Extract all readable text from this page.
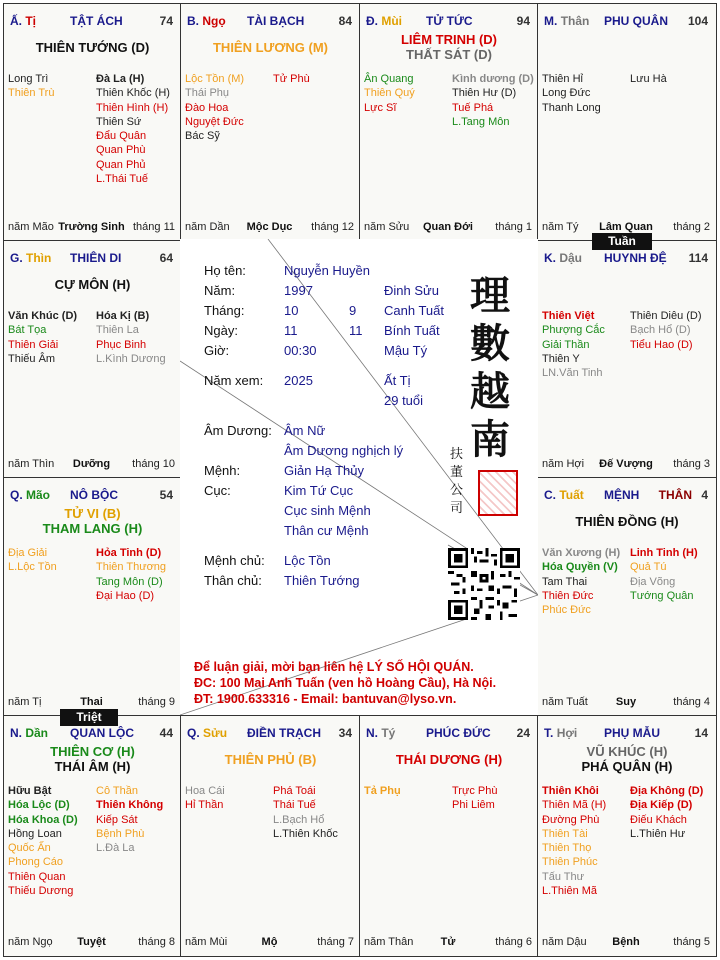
Ấ. Tị	TẬT ÁCH	74
THIÊN TƯỚNG (D)
Long Trì
Thiên Trù
Đà La (H)
Thiên Khốc (H)
Thiên Hình (H)
Thiên Sứ
Đẩu Quân
Quan Phù
Quan Phủ
L.Thái Tuế
năm Mão Trường Sinh tháng 11
B. Ngọ TÀI BẠCH	84
THIÊN LƯƠNG (M)
Lộc Tồn (M)
Thái Phụ
Đào Hoa
Nguyệt Đức
Bác Sỹ
Tử Phù
năm Dần	Mộc Dục	tháng 12
Đ. Mùi TỬ TỨC	94
LIÊM TRINH (D)
THẤT SÁT (D)
Ân Quang
Thiên Quý
Lực Sĩ
Kình dương (D)
Thiên Hư (D)
Tuế Phá
L.Tang Môn
năm Sửu	Quan Đới	tháng 1
M. Thân PHU QUÂN 104
Thiên Hỉ
Long Đức
Thanh Long
Lưu Hà
năm Tý	Lâm Quan	tháng 2
G. Thìn THIÊN DI	64
CỰ MÔN (H)
Văn Khúc (D)
Bát Tọa
Thiên Giải
Thiếu Âm
Hóa Kị (B)
Thiên La
Phục Binh
L.Kình Dương
năm Thìn	Dưỡng	tháng 10
K. Dậu HUYNH ĐỆ 114
Thiên Việt
Phượng Cắc
Giải Thần
Thiên Y
LN.Văn Tinh
Thiên Diêu (D)
Bạch Hổ (D)
Tiểu Hao (D)
năm Hợi	Đế Vượng	tháng 3
Q. Mão NÔ BỘC	54
TỬ VI (B)
THAM LANG (H)
Địa Giải
L.Lộc Tồn
Hỏa Tinh (D)
Thiên Thương
Tang Môn (D)
Đại Hao (D)
năm Tị	Thai	tháng 9
C. Tuất MỆNH THÂN 4
THIÊN ĐỒNG (H)
Văn Xương (H)
Hóa Quyền (V)
Tam Thai
Thiên Đức
Phúc Đức
Linh Tinh (H)
Quả Tú
Địa Võng
Tướng Quân
năm Tuất	Suy	tháng 4
N. Dần QUAN LỘC 44
THIÊN CƠ (H)
THÁI ÂM (H)
Hữu Bật
Hóa Lộc (D)
Hóa Khoa (D)
Hồng Loan
Quốc Ấn
Phong Cáo
Thiên Quan
Thiếu Dương
Cô Thần
Thiên Không
Kiếp Sát
Bệnh Phù
L.Đà La
năm Ngọ	Tuyệt	tháng 8
Q. Sửu ĐIỀN TRẠCH 34
THIÊN PHỦ (B)
Hoa Cái
Hỉ Thần
Phá Toái
Thái Tuế
L.Bạch Hổ
L.Thiên Khốc
năm Mùi	Mộ	tháng 7
N. Tý	PHÚC ĐỨC 24
THÁI DƯƠNG (H)
Tả Phụ	Trực Phù
Phi Liêm
năm Thân	Tử	tháng 6
T. Hợi PHỤ MẪU	14
VŨ KHÚC (H)
PHÁ QUÂN (H)
Thiên Khôi
Thiên Mã (H)
Đường Phù
Thiên Tài
Thiên Thọ
Thiên Phúc
Tấu Thư
L.Thiên Mã
Địa Không (D)
Địa Kiếp (D)
Điếu Khách
L.Thiên Hư
năm Dậu	Bệnh	tháng 5
Họ tên:	Nguyễn Huyền
Năm:	1997	Đinh Sửu
Tháng:	10	9 Canh Tuất
Ngày:	11	11 Bính Tuất
Giờ:	00:30	Mậu Tý
Năm xem: 2025	Ất Tị
29 tuổi
Âm Dương: Âm Nữ
Âm Dương nghịch lý
Mệnh:	Giản Hạ Thủy
Cục:	Kim Tứ Cục
Cục sinh Mệnh
Thân cư Mệnh
Mệnh chủ: Lộc Tồn
Thân chủ: Thiên Tướng
Để luận giải, mời bạn liên hệ LÝ SỐ HỘI QUÁN.
ĐC: 100 Mai Anh Tuấn (ven hồ Hoàng Cầu), Hà Nội.
ĐT: 1900.633316 - Email: bantuvan@lyso.vn.
理
數
越
南
扶
董
公
司
Tuần
Triệt
